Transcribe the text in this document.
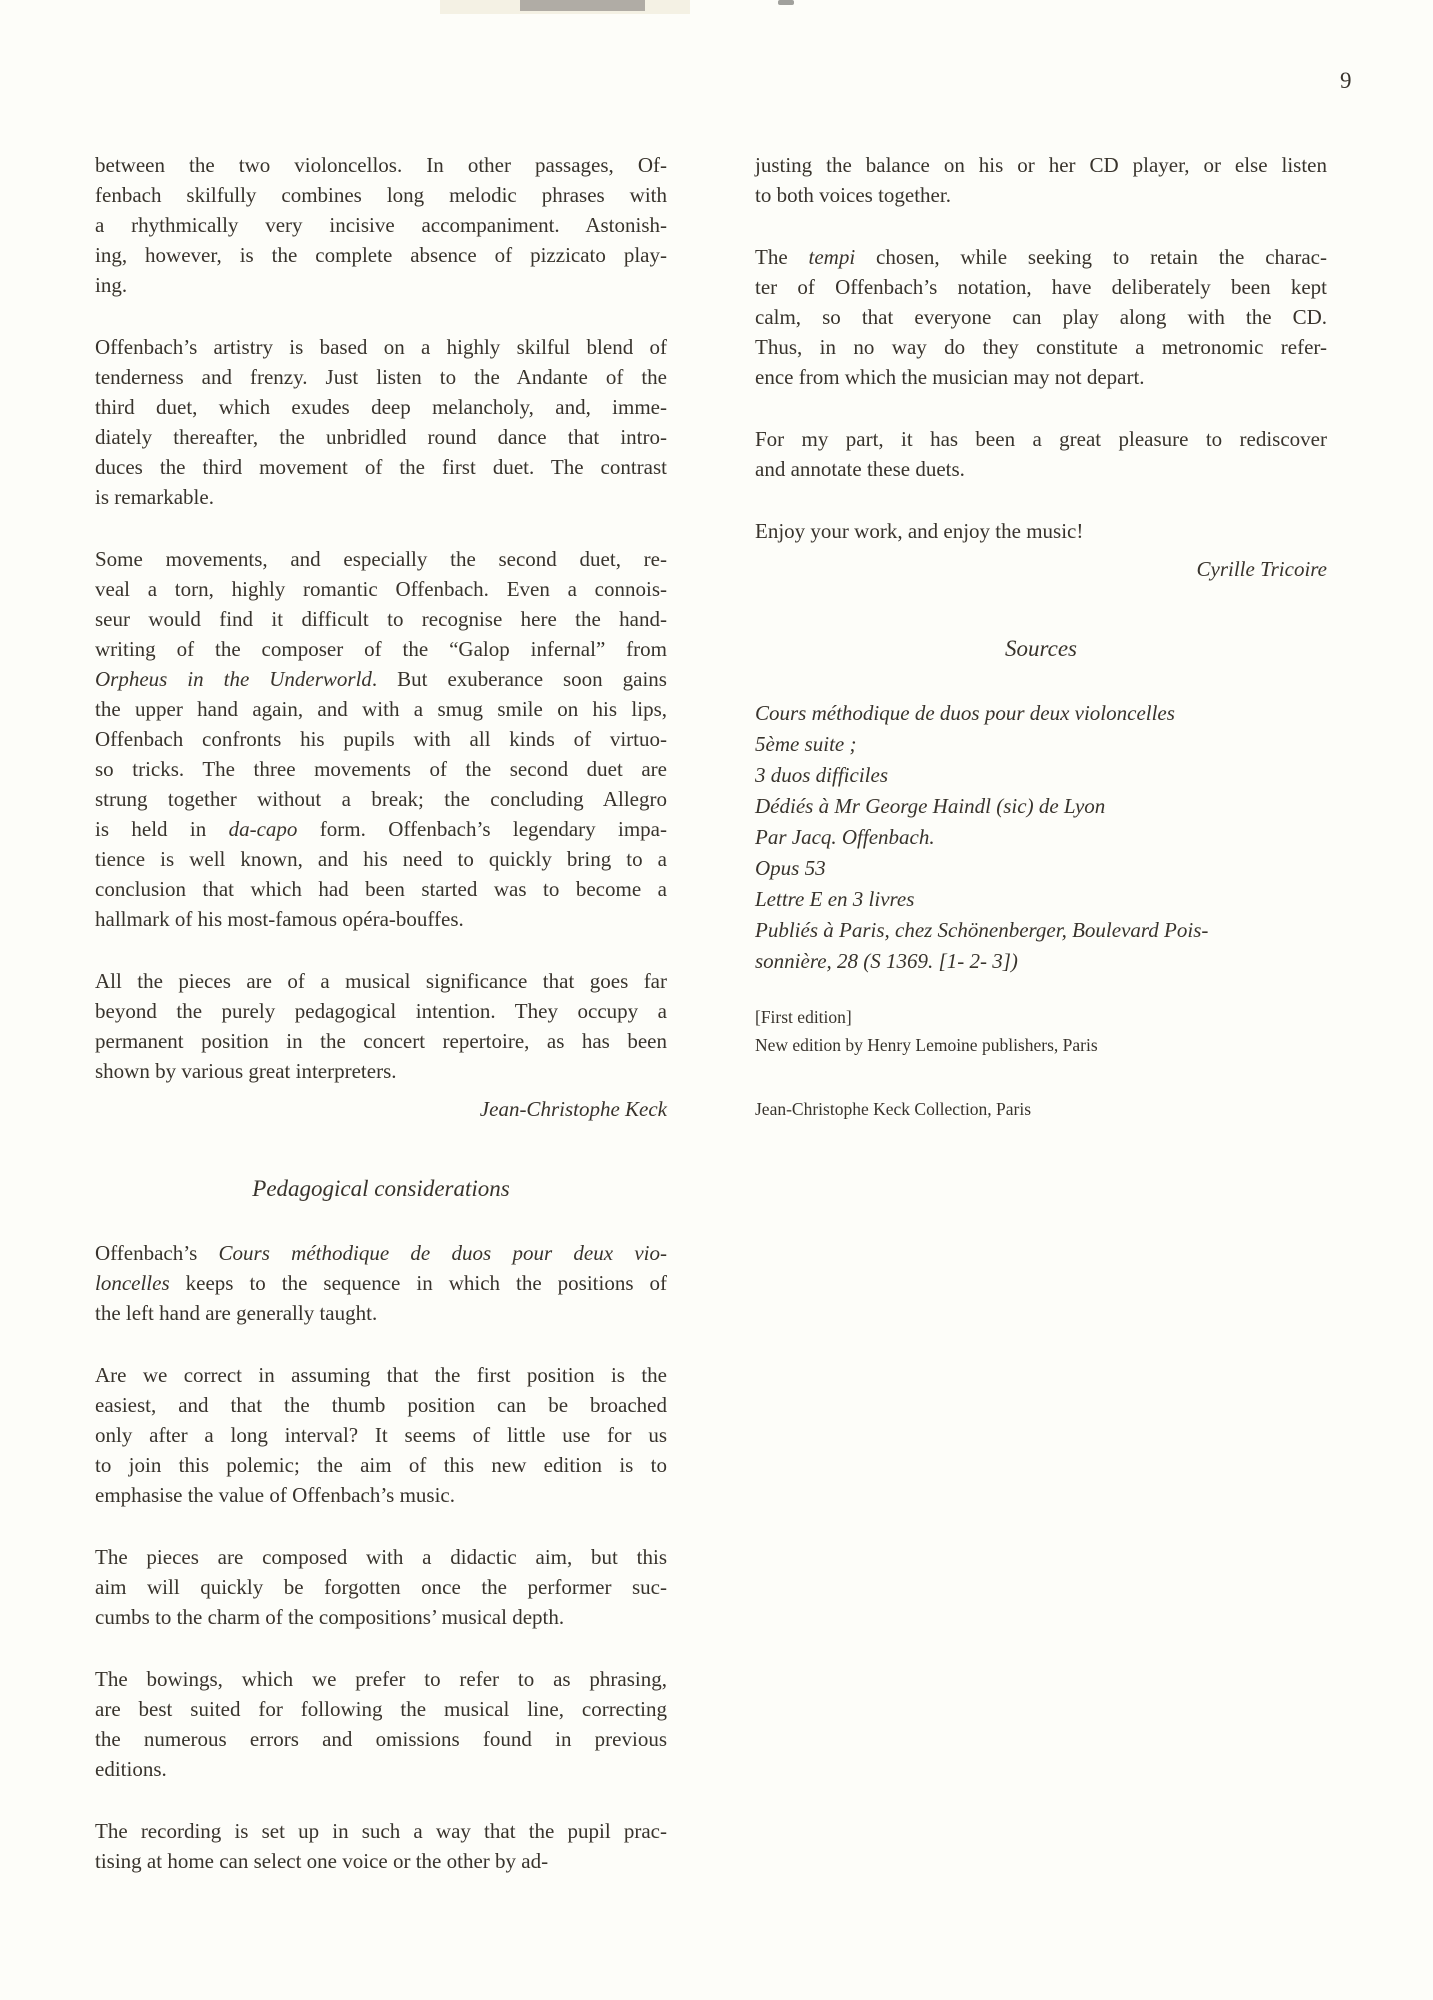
9
between the two violoncellos. In other passages, Of-
fenbach skilfully combines long melodic phrases with
a rhythmically very incisive accompaniment. Astonish-
ing, however, is the complete absence of pizzicato play-
ing.
Offenbach’s artistry is based on a highly skilful blend of
tenderness and frenzy. Just listen to the Andante of the
third duet, which exudes deep melancholy, and, imme-
diately thereafter, the unbridled round dance that intro-
duces the third movement of the first duet. The contrast
is remarkable.
Some movements, and especially the second duet, re-
veal a torn, highly romantic Offenbach. Even a connois-
seur would find it difficult to recognise here the hand-
writing of the composer of the “Galop infernal” from
Orpheus in the Underworld. But exuberance soon gains
the upper hand again, and with a smug smile on his lips,
Offenbach confronts his pupils with all kinds of virtuo-
so tricks. The three movements of the second duet are
strung together without a break; the concluding Allegro
is held in da-capo form. Offenbach’s legendary impa-
tience is well known, and his need to quickly bring to a
conclusion that which had been started was to become a
hallmark of his most-famous opéra-bouffes.
All the pieces are of a musical significance that goes far
beyond the purely pedagogical intention. They occupy a
permanent position in the concert repertoire, as has been
shown by various great interpreters.
Jean-Christophe Keck
Pedagogical considerations
Offenbach’s Cours méthodique de duos pour deux vio-
loncelles keeps to the sequence in which the positions of
the left hand are generally taught.
Are we correct in assuming that the first position is the
easiest, and that the thumb position can be broached
only after a long interval? It seems of little use for us
to join this polemic; the aim of this new edition is to
emphasise the value of Offenbach’s music.
The pieces are composed with a didactic aim, but this
aim will quickly be forgotten once the performer suc-
cumbs to the charm of the compositions’ musical depth.
The bowings, which we prefer to refer to as phrasing,
are best suited for following the musical line, correcting
the numerous errors and omissions found in previous
editions.
The recording is set up in such a way that the pupil prac-
tising at home can select one voice or the other by ad-
justing the balance on his or her CD player, or else listen
to both voices together.
The tempi chosen, while seeking to retain the charac-
ter of Offenbach’s notation, have deliberately been kept
calm, so that everyone can play along with the CD.
Thus, in no way do they constitute a metronomic refer-
ence from which the musician may not depart.
For my part, it has been a great pleasure to rediscover
and annotate these duets.
Enjoy your work, and enjoy the music!
Cyrille Tricoire
Sources
Cours méthodique de duos pour deux violoncelles
5ème suite ;
3 duos difficiles
Dédiés à Mr George Haindl (sic) de Lyon
Par Jacq. Offenbach.
Opus 53
Lettre E en 3 livres
Publiés à Paris, chez Schönenberger, Boulevard Pois-
sonnière, 28 (S 1369. [1- 2- 3])
[First edition]
New edition by Henry Lemoine publishers, Paris
Jean-Christophe Keck Collection, Paris
